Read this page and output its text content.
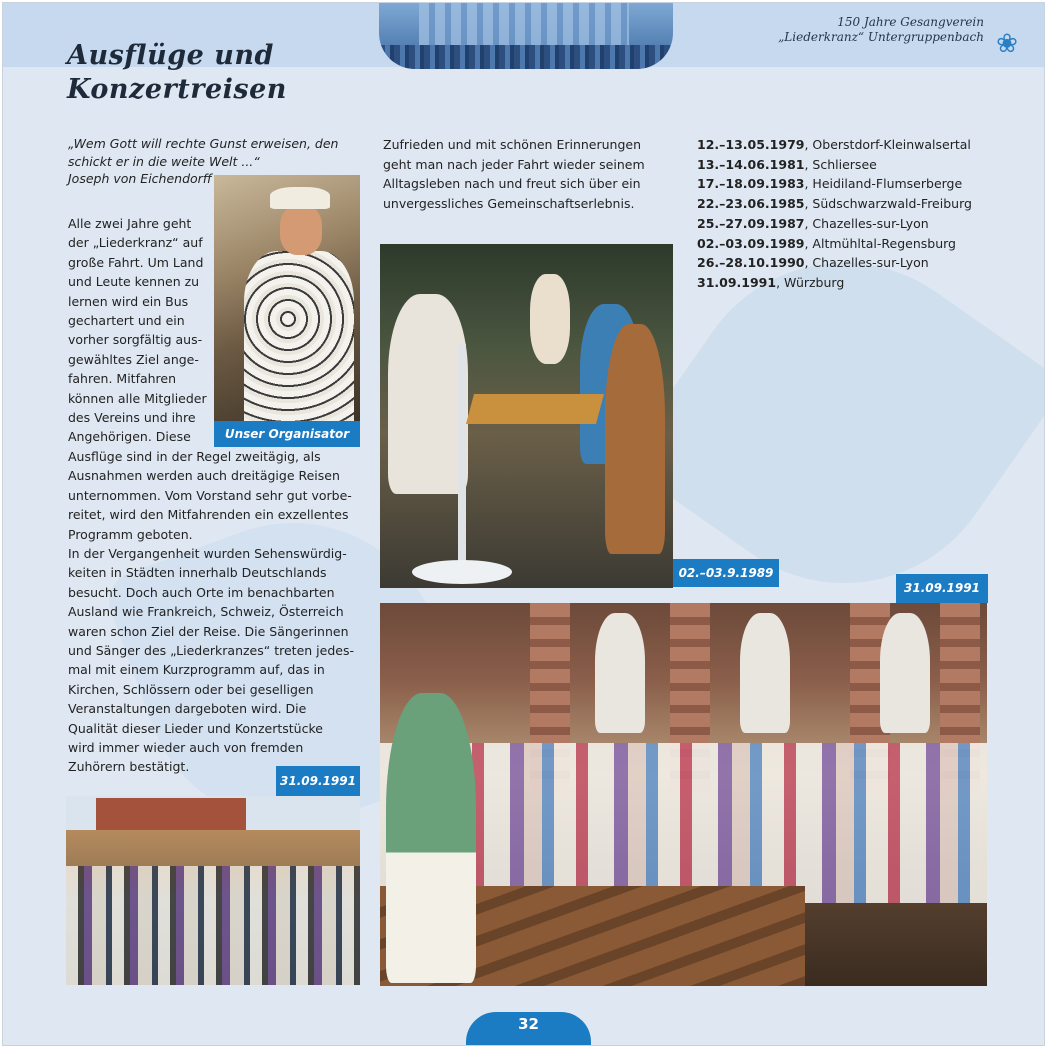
150 Jahre Gesangverein
„Liederkranz“ Untergruppenbach ❀
Ausflüge und
Konzertreisen
„Wem Gott will rechte Gunst erweisen, den
schickt er in die weite Welt ...“
Joseph von Eichendorff
Alle zwei Jahre geht
der „Liederkranz“ auf
große Fahrt. Um Land
und Leute kennen zu
lernen wird ein Bus
gechartert und ein
vorher sorgfältig aus-
gewähltes Ziel ange-
fahren. Mitfahren
können alle Mitglieder
des Vereins und ihre
Angehörigen. Diese
Ausflüge sind in der Regel zweitägig, als
Ausnahmen werden auch dreitägige Reisen
unternommen. Vom Vorstand sehr gut vorbe-
reitet, wird den Mitfahrenden ein exzellentes
Programm geboten.
In der Vergangenheit wurden Sehenswürdig-
keiten in Städten innerhalb Deutschlands
besucht. Doch auch Orte im benachbarten
Ausland wie Frankreich, Schweiz, Österreich
waren schon Ziel der Reise. Die Sängerinnen
und Sänger des „Liederkranzes“ treten jedes-
mal mit einem Kurzprogramm auf, das in
Kirchen, Schlössern oder bei geselligen
Veranstaltungen dargeboten wird. Die
Qualität dieser Lieder und Konzertstücke
wird immer wieder auch von fremden
Zuhörern bestätigt.
Unser Organisator
Zufrieden und mit schönen Erinnerungen
geht man nach jeder Fahrt wieder seinem
Alltagsleben nach und freut sich über ein
unvergessliches Gemeinschaftserlebnis.
12.–13.05.1979, Oberstdorf-Kleinwalsertal
13.–14.06.1981, Schliersee
17.–18.09.1983, Heidiland-Flumserberge
22.–23.06.1985, Südschwarzwald-Freiburg
25.–27.09.1987, Chazelles-sur-Lyon
02.–03.09.1989, Altmühltal-Regensburg
26.–28.10.1990, Chazelles-sur-Lyon
31.09.1991, Würzburg
02.–03.9.1989
31.09.1991
31.09.1991
32
